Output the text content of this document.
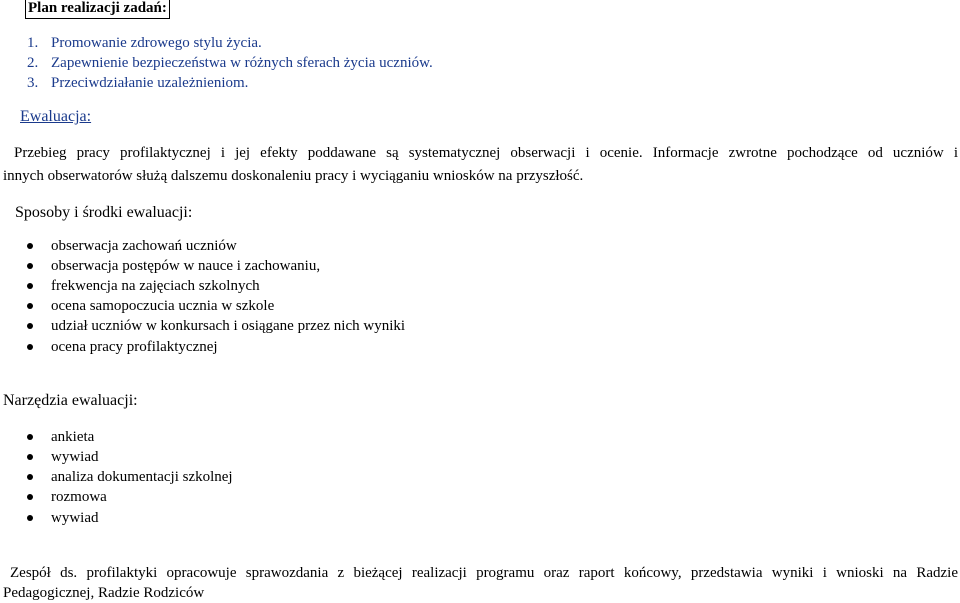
Plan realizacji zadań:
1. Promowanie zdrowego stylu życia.
2. Zapewnienie bezpieczeństwa w różnych sferach życia uczniów.
3. Przeciwdziałanie uzależnieniom.
Ewaluacja:
Przebieg pracy profilaktycznej i jej efekty poddawane są systematycznej obserwacji i ocenie. Informacje zwrotne pochodzące od uczniów i
innych obserwatorów służą dalszemu doskonaleniu pracy i wyciąganiu wniosków na przyszłość.
Sposoby i środki ewaluacji:
obserwacja zachowań uczniów
obserwacja postępów w nauce i zachowaniu,
frekwencja na zajęciach szkolnych
ocena samopoczucia ucznia w szkole
udział uczniów w konkursach i osiągane przez nich wyniki
ocena pracy profilaktycznej
Narzędzia ewaluacji:
ankieta
wywiad
analiza dokumentacji szkolnej
rozmowa
wywiad
Zespół ds. profilaktyki opracowuje sprawozdania z bieżącej realizacji programu oraz raport końcowy, przedstawia wyniki i wnioski na Radzie
Pedagogicznej, Radzie Rodziców
